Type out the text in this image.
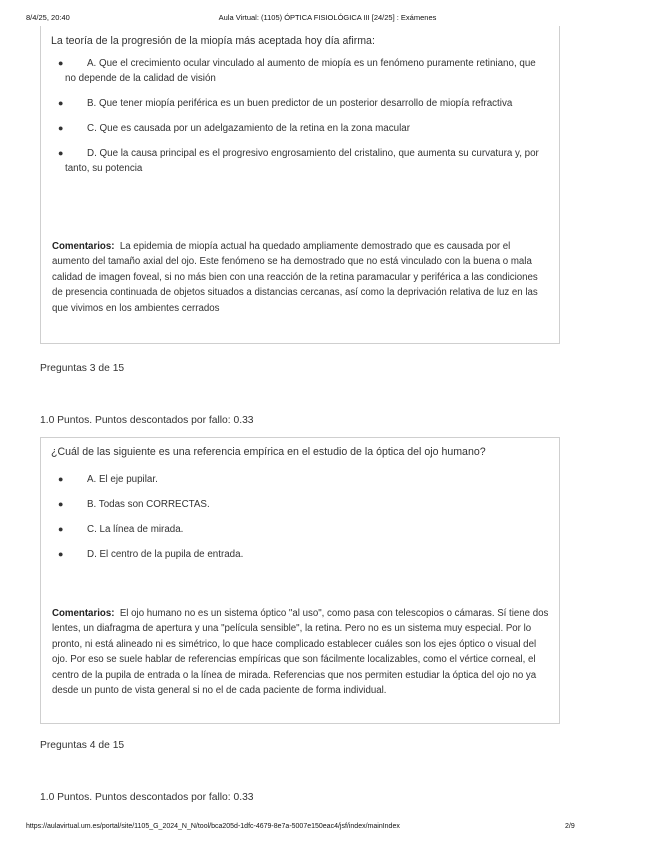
8/4/25, 20:40	Aula Virtual: (1105) ÓPTICA FISIOLÓGICA III [24/25] : Exámenes
La teoría de la progresión de la miopía más aceptada hoy día afirma:
● A. Que el crecimiento ocular vinculado al aumento de miopía es un fenómeno puramente retiniano, que no depende de la calidad de visión
● B. Que tener miopía periférica es un buen predictor de un posterior desarrollo de miopía refractiva
● C. Que es causada por un adelgazamiento de la retina en la zona macular
● D. Que la causa principal es el progresivo engrosamiento del cristalino, que aumenta su curvatura y, por tanto, su potencia
Comentarios: La epidemia de miopía actual ha quedado ampliamente demostrado que es causada por el aumento del tamaño axial del ojo. Este fenómeno se ha demostrado que no está vinculado con la buena o mala calidad de imagen foveal, si no más bien con una reacción de la retina paramacular y periférica a las condiciones de presencia continuada de objetos situados a distancias cercanas, así como la deprivación relativa de luz en las que vivimos en los ambientes cerrados
Preguntas 3 de 15
1.0 Puntos. Puntos descontados por fallo: 0.33
¿Cuál de las siguiente es una referencia empírica en el estudio de la óptica del ojo humano?
● A. El eje pupilar.
● B. Todas son CORRECTAS.
● C. La línea de mirada.
● D. El centro de la pupila de entrada.
Comentarios: El ojo humano no es un sistema óptico "al uso", como pasa con telescopios o cámaras. Sí tiene dos lentes, un diafragma de apertura y una "película sensible", la retina. Pero no es un sistema muy especial. Por lo pronto, ni está alineado ni es simétrico, lo que hace complicado establecer cuáles son los ejes óptico o visual del ojo. Por eso se suele hablar de referencias empíricas que son fácilmente localizables, como el vértice corneal, el centro de la pupila de entrada o la línea de mirada. Referencias que nos permiten estudiar la óptica del ojo no ya desde un punto de vista general si no el de cada paciente de forma individual.
Preguntas 4 de 15
1.0 Puntos. Puntos descontados por fallo: 0.33
https://aulavirtual.um.es/portal/site/1105_G_2024_N_N/tool/bca205d-1dfc-4679-8e7a-5007e150eac4/jsf/index/mainIndex	2/9
